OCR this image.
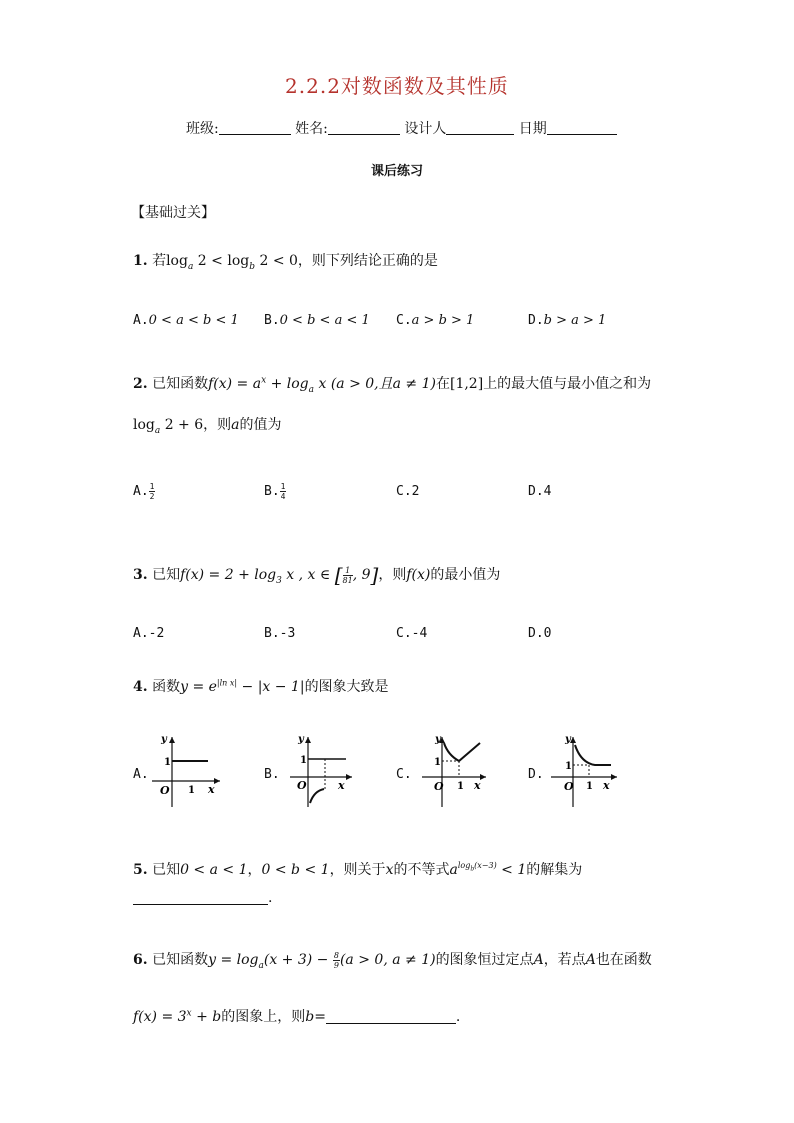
2.2.2对数函数及其性质
班级:	姓名:	设计人	日期
课后练习
【基础过关】
1. 若$\log_a 2 < \log_b 2 < 0$，则下列结论正确的是
A.0 < a < b < 1 B.0 < b < a < 1 C.a > b > 1	D.b > a > 1
2. 已知函数$f(x) = a^x + \log_a x$ (a > 0,且a ≠ 1)在[1,2]上的最大值与最小值之和为
$\log_a 2 + 6$，则a的值为
A. $\frac{1}{2}$	B. $\frac{1}{4}$	C.2	D.4
3. 已知$f(x) = 2 + \log_3 x$ , x ∈ [ $\frac{1}{81}$ , 9]，则f(x)的最小值为
A.-2	B.-3	C.-4	D.0
4. 函数$y = e^{|ln x|} - |x - 1|$的图象大致是
A.
y
1
O 1 x
B.
y
1
O	x
C.
y
1
O 1 x
D.
y
1
O 1 x
5. 已知0 < a < 1，0 < b < 1，则关于x的不等式$a^{log_b(x-3)} < 1$的解集为
.
6. 已知函数$y = \log_a(x + 3) - \frac{8}{9} (a > 0$, a ≠ 1)的图象恒过定点A，若点A也在函数
$f(x) = 3^x + b$的图象上，则b=	.
